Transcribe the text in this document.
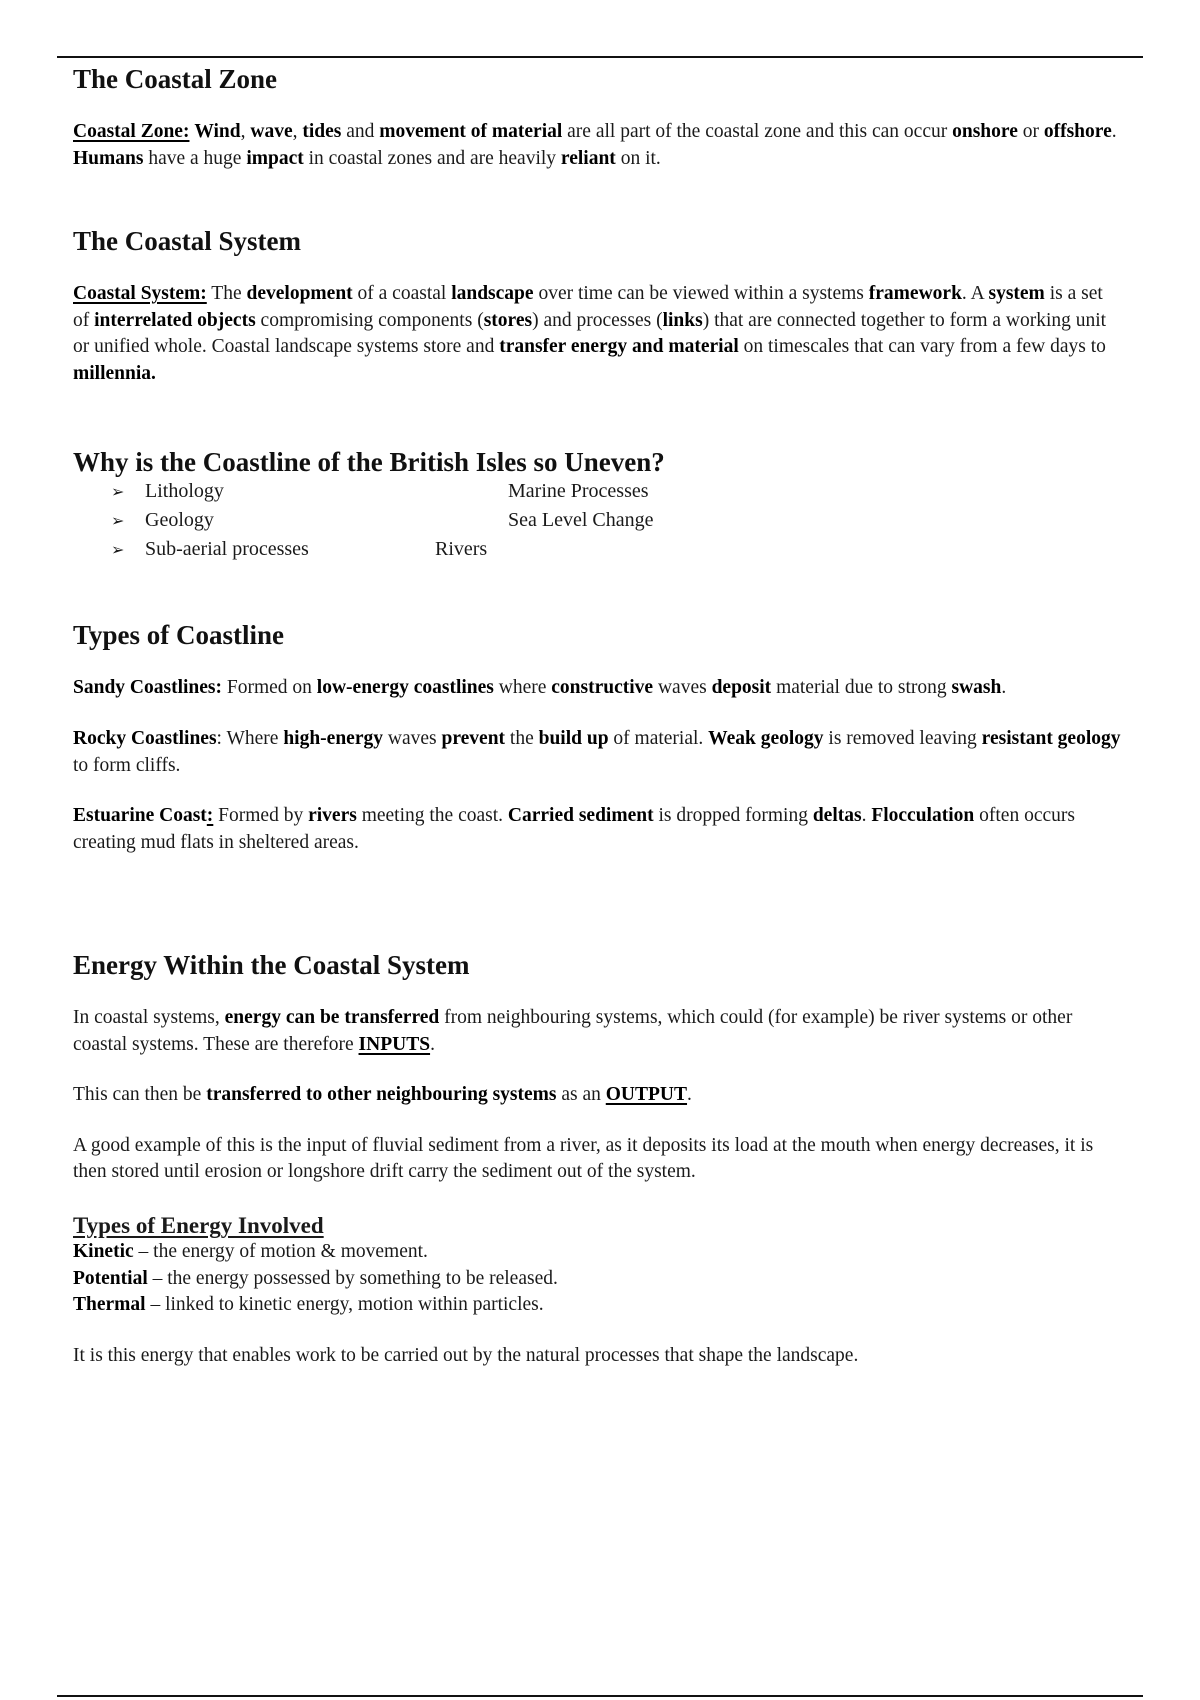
The Coastal Zone

Coastal Zone: Wind, wave, tides and movement of material are all part of the coastal zone and this can occur onshore or offshore. Humans have a huge impact in coastal zones and are heavily reliant on it.

The Coastal System

Coastal System: The development of a coastal landscape over time can be viewed within a systems framework. A system is a set of interrelated objects compromising components (stores) and processes (links) that are connected together to form a working unit or unified whole. Coastal landscape systems store and transfer energy and material on timescales that can vary from a few days to millennia.

Why is the Coastline of the British Isles so Uneven?
➢ Lithology
➢ Geology
➢ Sub-aerial processes
Marine Processes
Sea Level Change
Rivers
Types of Coastline

Sandy Coastlines: Formed on low-energy coastlines where constructive waves deposit material due to strong swash.

Rocky Coastlines: Where high-energy waves prevent the build up of material. Weak geology is removed leaving resistant geology to form cliffs.

Estuarine Coast: Formed by rivers meeting the coast. Carried sediment is dropped forming deltas. Flocculation often occurs creating mud flats in sheltered areas.

Energy Within the Coastal System

In coastal systems, energy can be transferred from neighbouring systems, which could (for example) be river systems or other coastal systems. These are therefore INPUTS.

This can then be transferred to other neighbouring systems as an OUTPUT.

A good example of this is the input of fluvial sediment from a river, as it deposits its load at the mouth when energy decreases, it is then stored until erosion or longshore drift carry the sediment out of the system.

Types of Energy Involved

Kinetic – the energy of motion & movement.

Potential – the energy possessed by something to be released.

Thermal – linked to kinetic energy, motion within particles.

It is this energy that enables work to be carried out by the natural processes that shape the landscape.
